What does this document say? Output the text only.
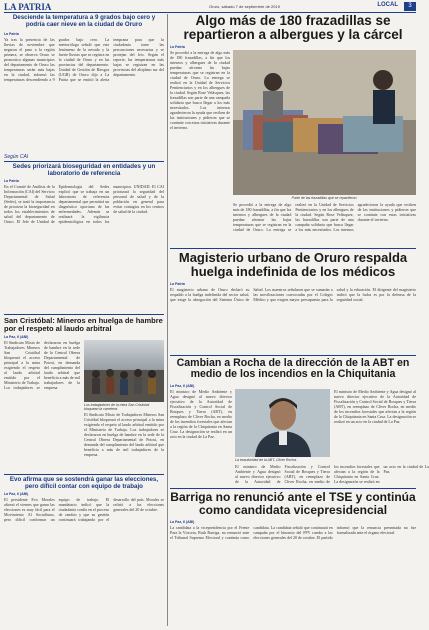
LA PATRIA	Oruro, sábado 7 de septiembre de 2019	LOCAL	3
Desciende la temperatura a 9 grados bajo cero y podría caer nieve en la ciudad de Oruro
La Patria
Ya tras la presencia de las lluvias de noviembre que negaron el paso a la región primera, se observa Oruro se pronostica algunas municipios del departamento de Oruro las temperaturas serán más bajas en la ciudad, informó las temperaturas descendiendo a 9 grados bajo cero. La meteoróloga señaló que este fenómeno de la nevada y la fuerte lluvias que se registra en la ciudad de Oruro y en las provincias del departamento. Unidad de Gestión de Riesgos (UGR) de Oruro dijo a La Patria que se emitió la alerta temprana para que la ciudadanía tome las precauciones necesarias y se protejan del frío. Según el reporte, las temperaturas más bajas se registran en las provincias del altiplano sur del departamento.
Según CAI
Sedes priorizará bioseguridad en entidades y un laboratorio de referencia
La Patria
En el Comité de Análisis de la Información (CAI) del Servicio Departamental de Salud (Sedes), se trató la importancia de priorizar la bioseguridad en todos los establecimientos de salud del departamento de Oruro. El Jefe de Unidad de Epidemiología del Sedes explicó que se trabaja en un laboratorio de referencia departamental que permitirá un diagnóstico oportuno de las enfermedades. Además se realizará la vigilancia epidemiológica en todos los municipios. UNIDAD: El CAI priorizará la seguridad del personal de salud y de la población en general para evitar contagios en los centros de salud de la ciudad.
San Cristóbal: Mineros en huelga de hambre por el respeto al laudo arbitral
La Paz, 6 (ABI)
El Sindicato Mixto de Trabajadores Mineros San Cristóbal bloqueará el acceso principal a la mina exigiendo el respeto al laudo arbitral emitido por el Ministerio de Trabajo. Los trabajadores se declararon en huelga de hambre en la sede de la Central Obrera Departamental de Potosí, en demanda del cumplimiento del laudo arbitral que beneficia a más de mil trabajadores de la empresa.
Los trabajadores de la mina San Cristóbal bloquean la carretera.
El Sindicato Mixto de Trabajadores Mineros San Cristóbal bloqueará el acceso principal a la mina exigiendo el respeto al laudo arbitral emitido por el Ministerio de Trabajo. Los trabajadores se declararon en huelga de hambre en la sede de la Central Obrera Departamental de Potosí, en demanda del cumplimiento del laudo arbitral que beneficia a más de mil trabajadores de la empresa.
Evo afirma que se sostendrá ganar las elecciones, pero difícil contar con equipo de trabajo
La Paz, 6 (ABI)
El presidente Evo Morales afirmó el viernes que ganar las elecciones es muy fácil para el Movimiento Al Socialismo, pero difícil conformar un equipo de trabajo. El mandatario indicó que la ciudadanía confía en el proceso de cambio y que su gestión continuará trabajando por el desarrollo del país. Morales se refirió a las elecciones generales del 20 de octubre.
Algo más de 180 frazadillas se repartieron a albergues y la cárcel
La Patria
Se procedió a la entrega de algo más de 180 frazadillas, a fin que los internos y albergues de la ciudad puedan afrontar las bajas temperaturas que se registran en la ciudad de Oruro. La entrega se realizó en la Unidad de Servicios Penitenciarios y en los albergues de la ciudad. Según Rose Velásquez, las frazadillas son parte de una campaña solidaria que busca llegar a los más necesitados. Los internos agradecieron la ayuda que reciben de las instituciones y pidieron que se continúe con estas iniciativas durante el invierno.
Parte de las frazadillas que se repartieron.
Se procedió a la entrega de algo más de 180 frazadillas, a fin que los internos y albergues de la ciudad puedan afrontar las bajas temperaturas que se registran en la ciudad de Oruro. La entrega se realizó en la Unidad de Servicios Penitenciarios y en los albergues de la ciudad. Según Rose Velásquez, las frazadillas son parte de una campaña solidaria que busca llegar a los más necesitados. Los internos agradecieron la ayuda que reciben de las instituciones y pidieron que se continúe con estas iniciativas durante el invierno.
Magisterio urbano de Oruro respalda huelga indefinida de los médicos
La Patria
El magisterio urbano de Oruro declaró su respaldo a la huelga indefinida del sector salud, que exige la abrogación del Sistema Único de Salud. Los maestros señalaron que se sumarán a las movilizaciones convocadas por el Colegio Médico y que exigen mayor presupuesto para la salud y la educación. El dirigente del magisterio indicó que la lucha es por la defensa de la seguridad social.
Cambian a Rocha de la dirección de la ABT en medio de los incendios en la Chiquitania
La Paz, 6 (ABI)
El ministro de Medio Ambiente y Agua designó al nuevo director ejecutivo de la Autoridad de Fiscalización y Control Social de Bosques y Tierra (ABT), en reemplazo de Cliver Rocha, en medio de los incendios forestales que afectan a la región de la Chiquitania en Santa Cruz. La designación se realizó en un acto en la ciudad de La Paz.
La exautoridad de la ABT, Cliver Rocha.
El ministro de Medio Ambiente y Agua designó al nuevo director ejecutivo de la Autoridad de Fiscalización y Control Social de Bosques y Tierra (ABT), en reemplazo de Cliver Rocha, en medio de los incendios forestales que afectan a la región de la Chiquitania en Santa Cruz. La designación se realizó en un acto en la ciudad de La Paz.
El ministro de Medio Ambiente y Agua designó al nuevo director ejecutivo de la Autoridad de Fiscalización y Control Social de Bosques y Tierra (ABT), en reemplazo de Cliver Rocha, en medio de los incendios forestales que afectan a la región de la Chiquitania en Santa Cruz. La designación se realizó en un acto en la ciudad de La Paz.
Barriga no renunció ante el TSE y continúa como candidata vicepresidencial
La Paz, 6 (ABI)
La candidata a la vicepresidencia por el Frente Para la Victoria, Ruth Barriga, no renunció ante el Tribunal Supremo Electoral y continúa como candidata. La candidata señaló que continuará en campaña por el binomio del FPV rumbo a las elecciones generales del 20 de octubre. El partido informó que la renuncia presentada no fue formalizada ante el órgano electoral.
